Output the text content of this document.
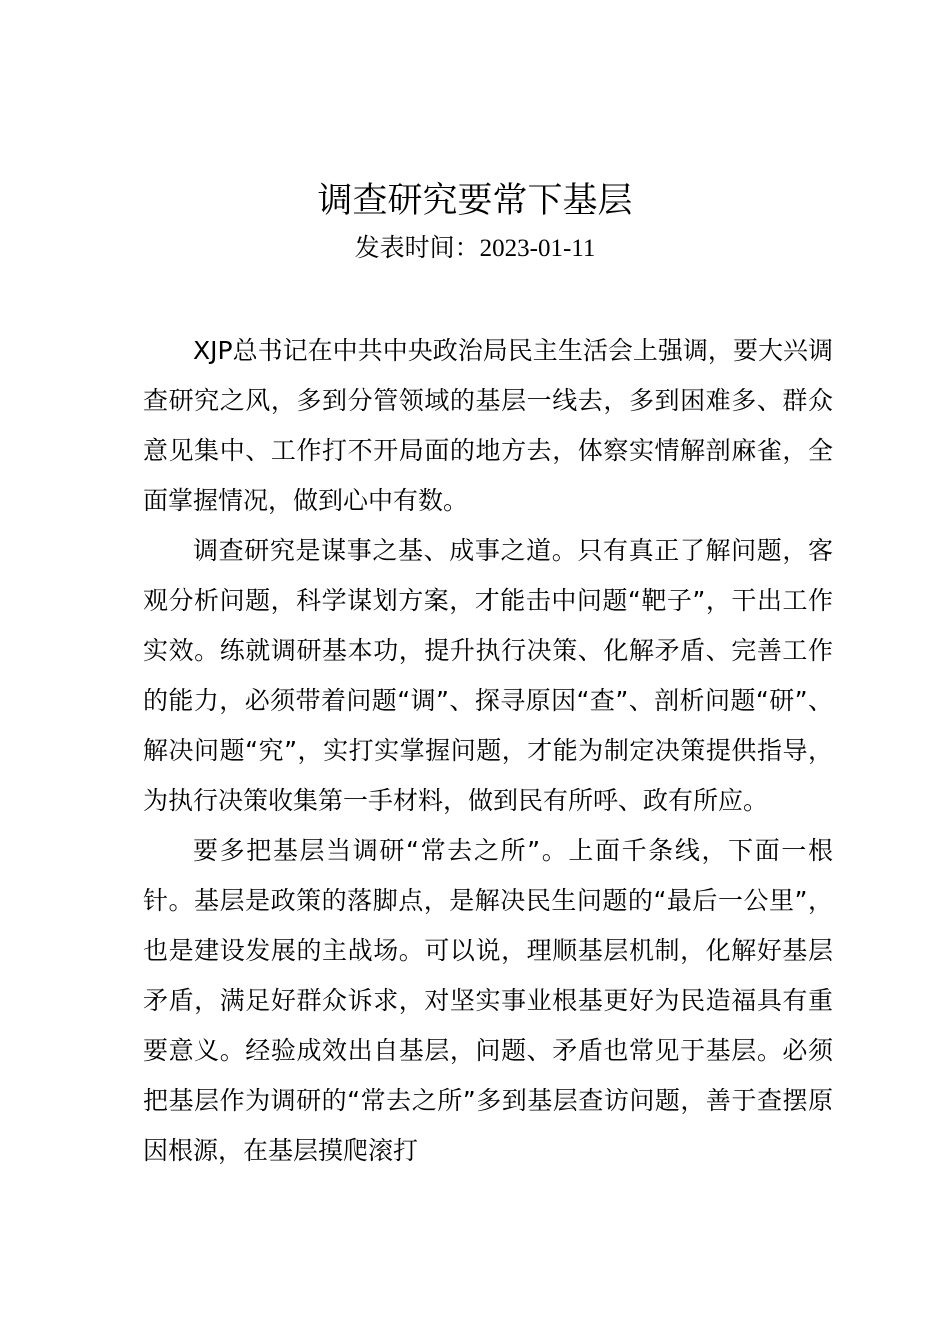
调查研究要常下基层
发表时间：2023-01-11

XJP总书记在中共中央政治局民主生活会上强调，要大兴调查研究之风，多到分管领域的基层一线去，多到困难多、群众意见集中、工作打不开局面的地方去，体察实情解剖麻雀，全面掌握情况，做到心中有数。

调查研究是谋事之基、成事之道。只有真正了解问题，客观分析问题，科学谋划方案，才能击中问题“靶子”，干出工作实效。练就调研基本功，提升执行决策、化解矛盾、完善工作的能力，必须带着问题“调”、探寻原因“查”、剖析问题“研”、解决问题“究”，实打实掌握问题，才能为制定决策提供指导，为执行决策收集第一手材料，做到民有所呼、政有所应。

要多把基层当调研“常去之所”。上面千条线，下面一根针。基层是政策的落脚点，是解决民生问题的“最后一公里”，也是建设发展的主战场。可以说，理顺基层机制，化解好基层矛盾，满足好群众诉求，对坚实事业根基更好为民造福具有重要意义。经验成效出自基层，问题、矛盾也常见于基层。必须把基层作为调研的“常去之所”多到基层查访问题，善于查摆原因根源，在基层摸爬滚打
